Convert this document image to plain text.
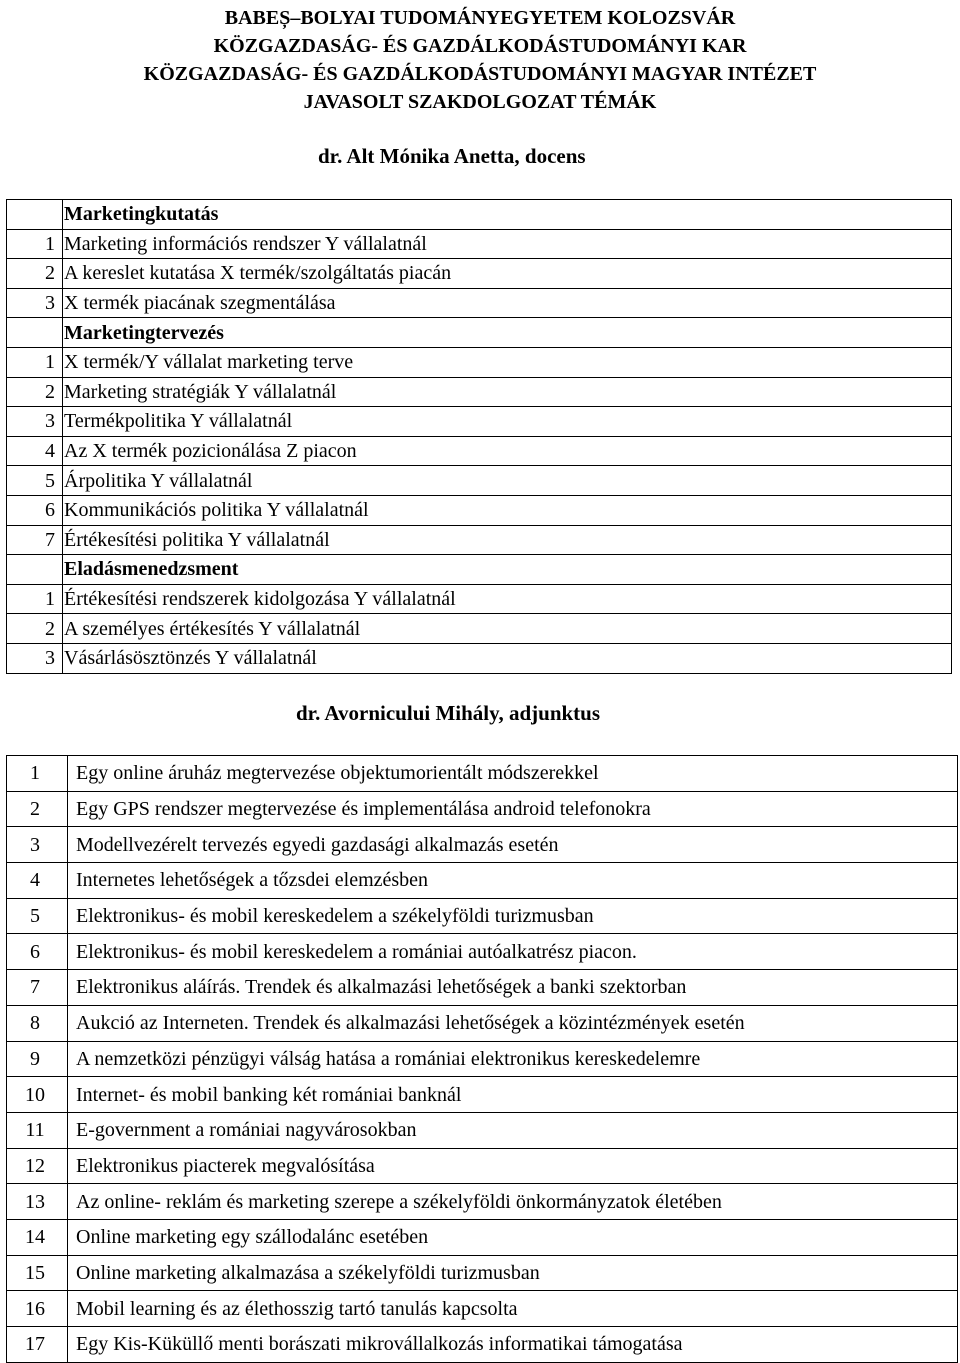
BABEȘ–BOLYAI TUDOMÁNYEGYETEM KOLOZSVÁR
KÖZGAZDASÁG- ÉS GAZDÁLKODÁSTUDOMÁNYI KAR
KÖZGAZDASÁG- ÉS GAZDÁLKODÁSTUDOMÁNYI MAGYAR INTÉZET
JAVASOLT SZAKDOLGOZAT TÉMÁK
dr. Alt Mónika Anetta, docens
	Marketingkutatás
1	Marketing információs rendszer Y vállalatnál
2	A kereslet kutatása X termék/szolgáltatás piacán
3	X termék piacának szegmentálása
	Marketingtervezés
1	X termék/Y vállalat marketing terve
2	Marketing stratégiák Y vállalatnál
3	Termékpolitika Y vállalatnál
4	Az X termék pozicionálása Z piacon
5	Árpolitika Y vállalatnál
6	Kommunikációs politika Y vállalatnál
7	Értékesítési politika Y vállalatnál
	Eladásmenedzsment
1	Értékesítési rendszerek kidolgozása Y vállalatnál
2	A személyes értékesítés Y vállalatnál
3	Vásárlásösztönzés Y vállalatnál
dr. Avornicului Mihály, adjunktus
1	Egy online áruház megtervezése objektumorientált módszerekkel
2	Egy GPS rendszer megtervezése és implementálása android telefonokra
3	Modellvezérelt tervezés egyedi gazdasági alkalmazás esetén
4	Internetes lehetőségek a tőzsdei elemzésben
5	Elektronikus- és mobil kereskedelem a székelyföldi turizmusban
6	Elektronikus- és mobil kereskedelem a romániai autóalkatrész piacon.
7	Elektronikus aláírás. Trendek és alkalmazási lehetőségek a banki szektorban
8	Aukció az Interneten. Trendek és alkalmazási lehetőségek a közintézmények esetén
9	A nemzetközi pénzügyi válság hatása a romániai elektronikus kereskedelemre
10	Internet- és mobil banking két romániai banknál
11	E-government a romániai nagyvárosokban
12	Elektronikus piacterek megvalósítása
13	Az online- reklám és marketing szerepe a székelyföldi önkormányzatok életében
14	Online marketing egy szállodalánc esetében
15	Online marketing alkalmazása a székelyföldi turizmusban
16	Mobil learning és az élethosszig tartó tanulás kapcsolta
17	Egy Kis-Küküllő menti borászati mikrovállalkozás informatikai támogatása
